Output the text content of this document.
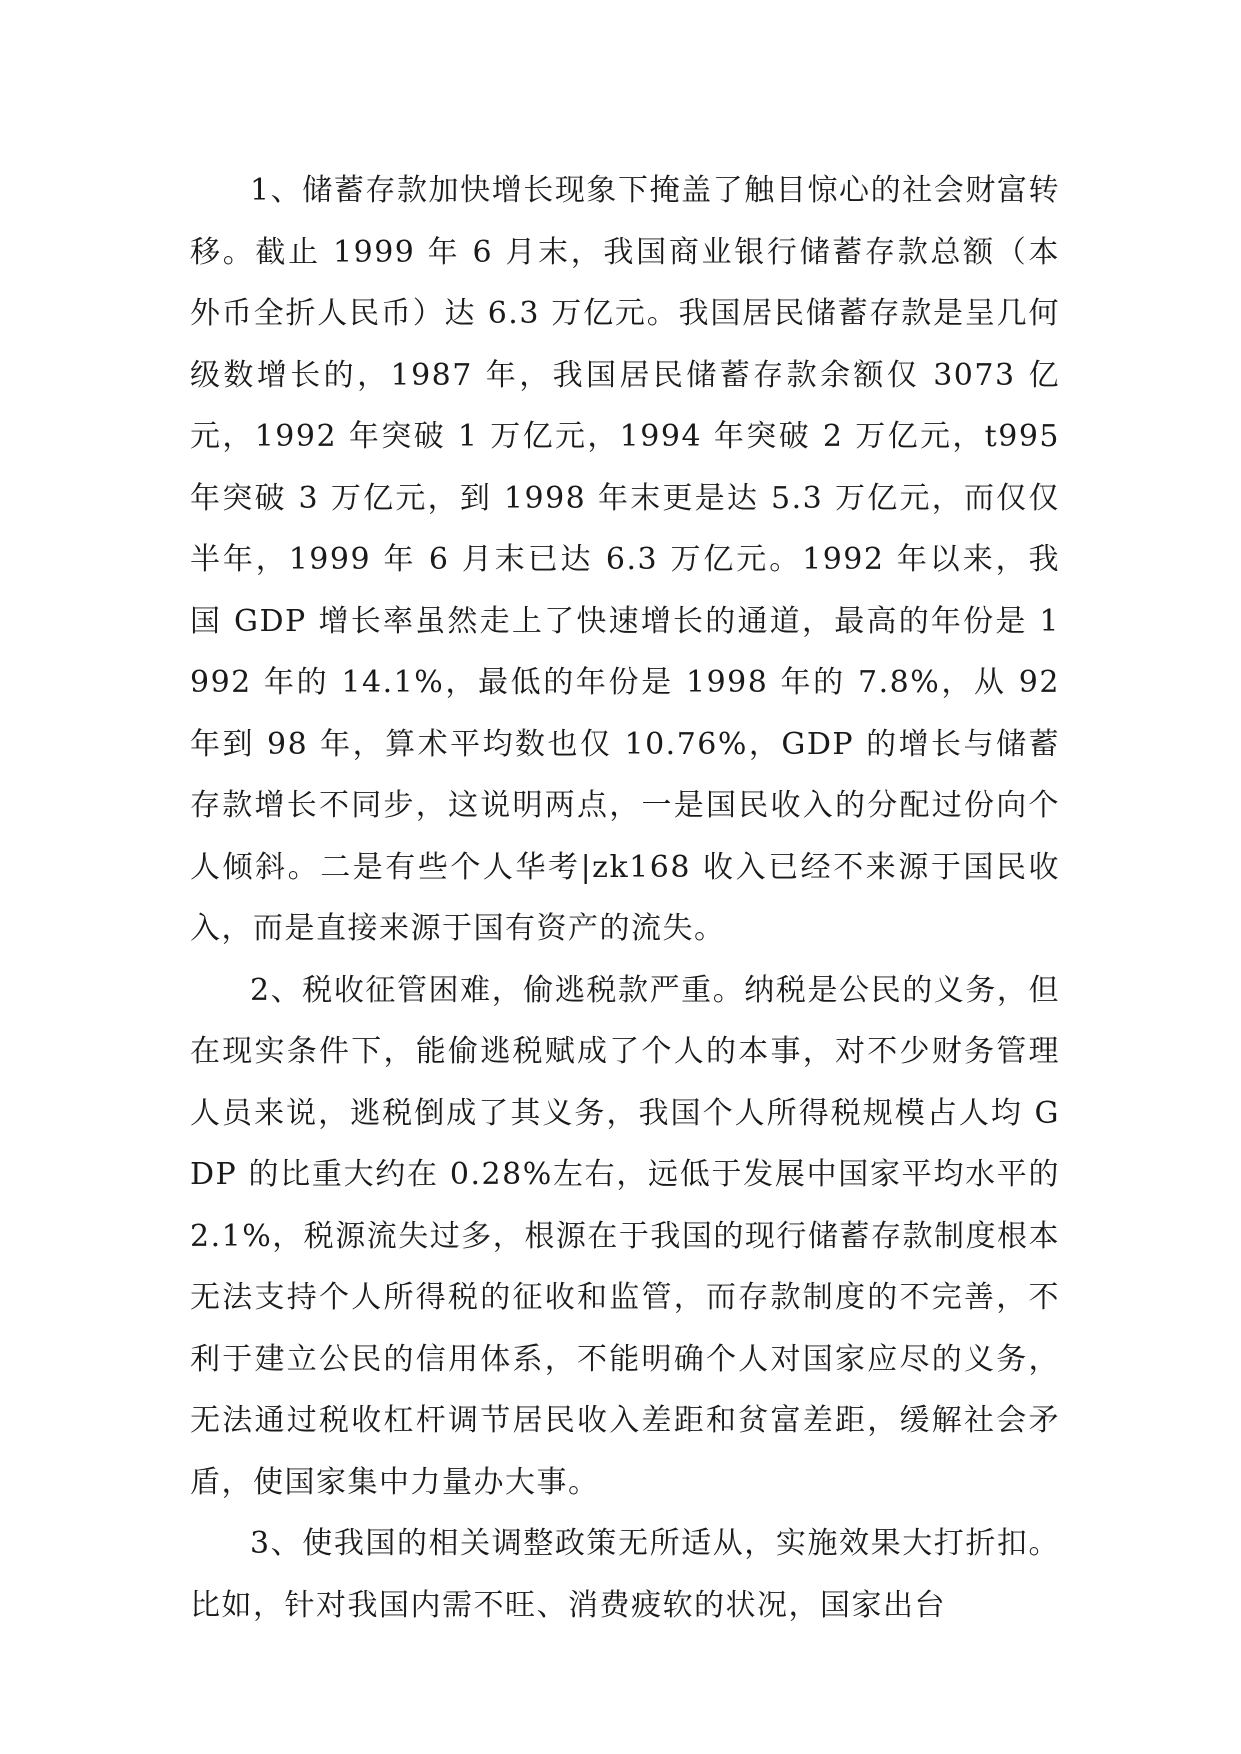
1、储蓄存款加快增长现象下掩盖了触目惊心的社会财富转移。截止 1999 年 6 月末，我国商业银行储蓄存款总额（本外币全折人民币）达 6.3 万亿元。我国居民储蓄存款是呈几何级数增长的，1987 年，我国居民储蓄存款余额仅 3073 亿元，1992 年突破 1 万亿元，1994 年突破 2 万亿元，t995 年突破 3 万亿元，到 1998 年末更是达 5.3 万亿元，而仅仅半年，1999 年 6 月末已达 6.3 万亿元。1992 年以来，我国 GDP 增长率虽然走上了快速增长的通道，最高的年份是 1992 年的 14.1%，最低的年份是 1998 年的 7.8%，从 92 年到 98 年，算术平均数也仅 10.76%，GDP 的增长与储蓄存款增长不同步，这说明两点，一是国民收入的分配过份向个人倾斜。二是有些个人华考|zk168 收入已经不来源于国民收入，而是直接来源于国有资产的流失。

2、税收征管困难，偷逃税款严重。纳税是公民的义务，但在现实条件下，能偷逃税赋成了个人的本事，对不少财务管理人员来说，逃税倒成了其义务，我国个人所得税规模占人均 GDP 的比重大约在 0.28%左右，远低于发展中国家平均水平的 2.1%，税源流失过多，根源在于我国的现行储蓄存款制度根本无法支持个人所得税的征收和监管，而存款制度的不完善，不利于建立公民的信用体系，不能明确个人对国家应尽的义务，无法通过税收杠杆调节居民收入差距和贫富差距，缓解社会矛盾，使国家集中力量办大事。

3、使我国的相关调整政策无所适从，实施效果大打折扣。比如，针对我国内需不旺、消费疲软的状况，国家出台
